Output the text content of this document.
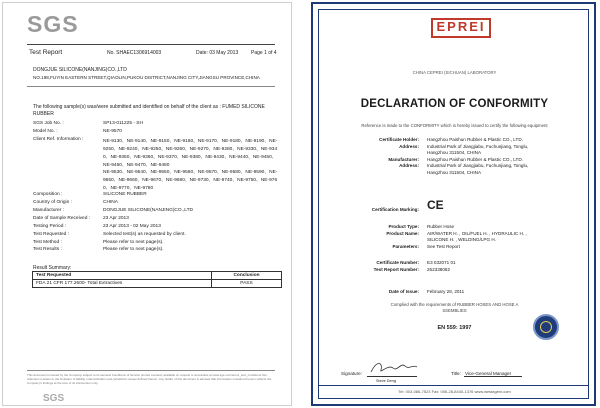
SGS
Test Report	No. SHAEC1306914003	Date: 03 May 2013	Page 1 of 4
DONGJUE SILICONE(NANJING)CO.,LTD
NO.198,FUYIN EASTERN STREET,QIAOLIN,PUKOU DISTRICT,NANJING CITY,JIANGSU PROVINCE,CHINA
The following sample(s) was/were submitted and identified on behalf of the client as : FUMED SILICONE
RUBBER
SGS Job No. :	SP13-011225 - SH
Model No. :	NE-9570
Client Ref. Information :	NE-9130、NE-9140、NE-9150、NE-9160、NE-9170、NE-9180、NE-9190、NE-
9250、NE-9240、NE-9250、NE-9260、NE-9270、NE-9280、NE-9330、NE-934
0、NE-9350、NE-9360、NE-9370、NE-9380、NE-9430、NE-9440、NE-9450、
NE-9460、NE-9470、NE-9480
NE-9530、NE-9540、NE-9550、NE-9560、NE-9570、NE-9580、NE-9590、NE-
9650、NE-9660、NE-9670、NE-9680、NE-9730、NE-9740、NE-9750、NE-976
0、NE-9770、NE-9780
Composition :	SILICONE RUBBER
Country of Origin :	CHINA
Manufacturer :	DONGJUE SILICONE(NANJING)CO.,LTD
Date of Sample Received :	23 Apr 2013
Testing Period :	23 Apr 2013 - 02 May 2013
Test Requested :	Selected test(s) as requested by client.
Test Method :	Please refer to next page(s).
Test Results :	Please refer to next page(s).
Result Summary:
Test Requested	Conclusion
FDA 21 CFR 177.2600- Total Extractives	PASS
This document is issued by the Company subject to its General Conditions of Service printed overleaf, available on request or accessible at www.sgs.com/terms_and_conditions.htm. Attention is drawn to the limitation of liability, indemnification and jurisdiction issues defined therein. Any holder of this document is advised that information contained hereon reflects the Company's findings at the time of its intervention only.
SGS
EPREI
CHINA CEPREI (SICHUAN) LABORATORY
DECLARATION OF CONFORMITY
Reference is made to the CONFORMITY which is hereby issued to certify the following equipment
Certificate Holder: Hangzhou Paishun Rubber & Plastic CO., LTD.
Address: Industrial Park of Jiangjiabu, Fuchunjiang, Tonglu,
Hangzhou 311504, CHINA
Manufacturer: Hangzhou Paishun Rubber & Plastic CO., LTD.
Address: Industrial Park of Jiangjiabu, Fuchunjiang, Tonglu,
Hangzhou 311504, CHINA
Certification Marking: CE
Product Type: Rubber Hose
Product Name: AIR/WATER H. , OIL/FUEL H. , HYDRAULIC H. ,
SILICONE H. , WELDING/LPG H.
Parameters: See Test Report
Certificate Number: E3 032071 01
Test Report Number: 262338062
Date of Issue: February 28, 2011
Complied with the requirements of RUBBER HOSES AND HOSE A
SSEMBLIES
EN 559: 1997
Signature:
Steve Deng
Title: Vice-General Manager
Tel: 003-086-7523 Fax: 006-28-8440-1376 www.westageni.com
